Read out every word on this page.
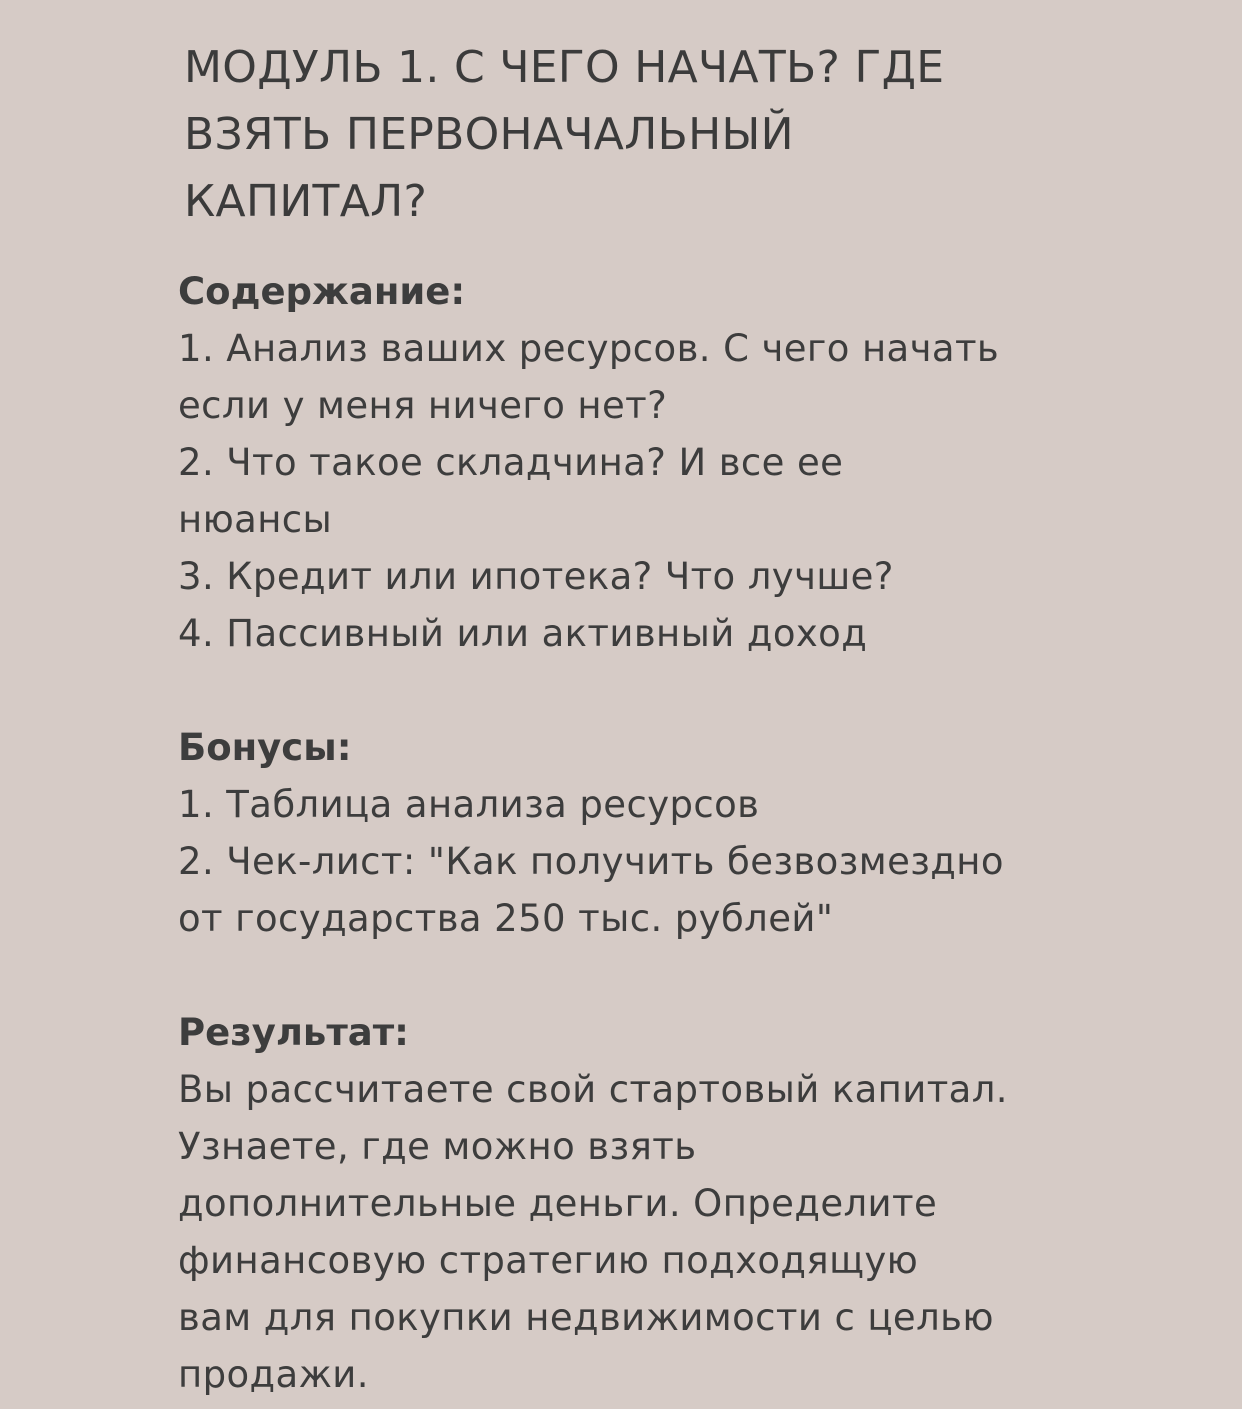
МОДУЛЬ 1. С ЧЕГО НАЧАТЬ? ГДЕ
ВЗЯТЬ ПЕРВОНАЧАЛЬНЫЙ
КАПИТАЛ?
Содержание:
1. Анализ ваших ресурсов. С чего начать
если у меня ничего нет?
2. Что такое складчина? И все ее
нюансы
3. Кредит или ипотека? Что лучше?
4. Пассивный или активный доход
Бонусы:
1. Таблица анализа ресурсов
2. Чек-лист: "Как получить безвозмездно
от государства 250 тыс. рублей"
Результат:
Вы рассчитаете свой стартовый капитал.
Узнаете, где можно взять
дополнительные деньги. Определите
финансовую стратегию подходящую
вам для покупки недвижимости с целью
продажи.
